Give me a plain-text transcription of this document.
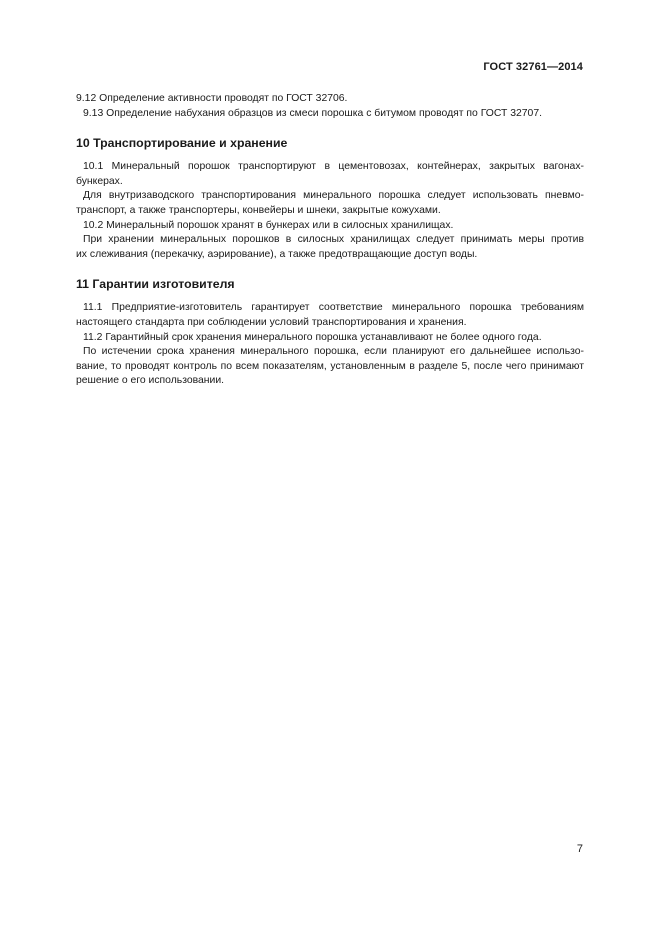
ГОСТ 32761—2014

9.12 Определение активности проводят по ГОСТ 32706.

9.13 Определение набухания образцов из смеси порошка с битумом проводят по ГОСТ 32707.

10 Транспортирование и хранение

10.1 Минеральный порошок транспортируют в цементовозах, контейнерах, закрытых вагонах-
бункерах.

Для внутризаводского транспортирования минерального порошка следует использовать пневмо-
транспорт, а также транспортеры, конвейеры и шнеки, закрытые кожухами.

10.2 Минеральный порошок хранят в бункерах или в силосных хранилищах.

При хранении минеральных порошков в силосных хранилищах следует принимать меры против
их слеживания (перекачку, аэрирование), а также предотвращающие доступ воды.

11 Гарантии изготовителя

11.1 Предприятие-изготовитель гарантирует соответствие минерального порошка требованиям
настоящего стандарта при соблюдении условий транспортирования и хранения.

11.2 Гарантийный срок хранения минерального порошка устанавливают не более одного года.

По истечении срока хранения минерального порошка, если планируют его дальнейшее использо-
вание, то проводят контроль по всем показателям, установленным в разделе 5, после чего принимают
решение о его использовании.

7
